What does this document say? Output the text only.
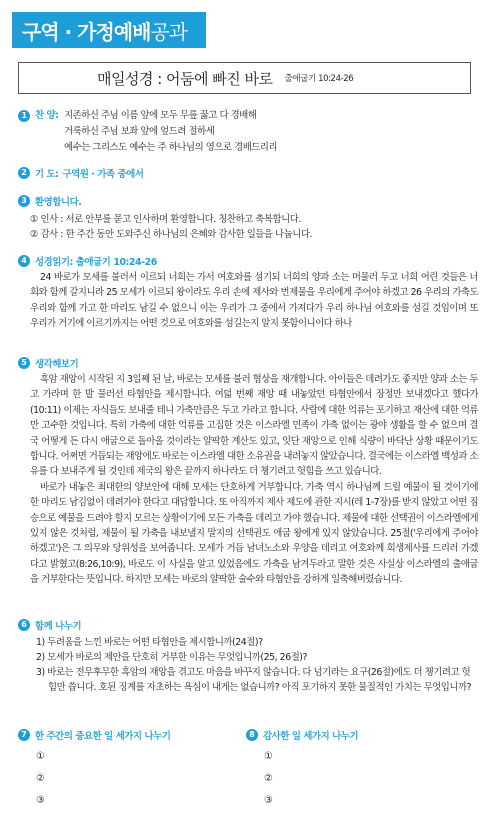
구역 · 가정예배 공과
매일성경 : 어둠에 빠진 바로 출애굽기 10:24-26
1 찬 양: 지존하신 주님 이름 앞에 모두 무릎 꿇고 다 경배해
거룩하신 주님 보좌 앞에 엎드려 절하세
예수는 그리스도 예수는 주 하나님의 영으로 경배드리리
2 기 도: 구역원 · 가족 중에서
3 환영합니다.
① 인사 : 서로 안부를 묻고 인사하며 환영합니다. 칭찬하고 축복합니다.
② 감사 : 한 주간 동안 도와주신 하나님의 은혜와 감사한 일들을 나눕니다.
4 성경읽기: 출애굽기 10:24-26

24 바로가 모세를 불러서 이르되 너희는 가서 여호와를 섬기되 너희의 양과 소는 머물러 두고 너희 어린 것들은 너희와 함께 갈지니라 25 모세가 이르되 왕이라도 우리 손에 제사와 번제물을 우리에게 주어야 하겠고 26 우리의 가축도 우리와 함께 가고 한 마리도 남길 수 없으니 이는 우리가 그 중에서 가져다가 우리 하나님 여호와를 섬길 것임이며 또 우리가 거기에 이르기까지는 어떤 것으로 여호와를 섬길는지 알지 못함이니이다 하나

5 생각해보기

흑암 재앙이 시작된 지 3일째 된 날, 바로는 모세를 불러 협상을 재개합니다. 아이들은 데려가도 좋지만 양과 소는 두고 가라며 한 발 물러선 타협안을 제시합니다. 여덟 번째 재앙 때 내놓았던 타협안에서 장정만 보내겠다고 했다가(10:11) 이제는 자식들도 보내줄 테니 가축만큼은 두고 가라고 합니다. 사람에 대한 억류는 포기하고 재산에 대한 억류만 고수한 것입니다. 특히 가축에 대한 억류를 고집한 것은 이스라엘 민족이 가축 없이는 광야 생활을 할 수 없으며 결국 어떻게 든 다시 애굽으로 돌아올 것이라는 얄팍한 계산도 있고, 잇단 재앙으로 인해 식량이 바닥난 상황 때문이기도 합니다. 어쩌면 거듭되는 재앙에도 바로는 이스라엘 대한 소유권을 내려놓지 않았습니다. 결국에는 이스라엘 백성과 소유를 다 보내주게 될 것인데 제국의 왕은 끝까지 하나라도 더 챙기려고 헛힘을 쓰고 있습니다.

바로가 내놓은 최대한의 양보안에 대해 모세는 단호하게 거부합니다. 가축 역시 하나님께 드릴 예물이 될 것이기에 한 마리도 남김없이 데려가야 한다고 대답합니다. 또 아직까지 제사 제도에 관한 지시(레 1-7장)를 받지 않았고 어떤 짐승으로 예물을 드려야 할지 모르는 상황이기에 모든 가축을 데리고 가야 했습니다. 제물에 대한 선택권이 이스라엘에게 있지 않은 것처럼, 제물이 될 가축을 내보낼지 말지의 선택권도 애굽 왕에게 있지 않았습니다. 25절('우리에게 주어야 하겠고')은 그 의무와 당위성을 보여줍니다. 모세가 거듭 남녀노소와 우양을 데리고 여호와께 희생제사를 드리러 가겠다고 밝혔고(8:26,10:9), 바로도 이 사실을 알고 있었음에도 가축을 남겨두라고 말한 것은 사실상 이스라엘의 출애굽을 거부한다는 뜻입니다. 하지만 모세는 바로의 얄팍한 술수와 타협안을 강하게 일축해버렸습니다.

6 함께 나누기
1) 두려움을 느낀 바로는 어떤 타협안을 제시합니까(24절)?
2) 모세가 바로의 제안을 단호히 거부한 이유는 무엇입니까(25, 26절)?
3) 바로는 전무후무한 흑암의 재앙을 겪고도 마음을 바꾸지 않습니다. 다 넘기라는 요구(26절)에도 더 챙기려고 헛힘만 씁니다. 호된 징계를 자초하는 욕심이 내게는 없습니까? 아직 포기하지 못한 물질적인 가치는 무엇입니까?
7 한 주간의 중요한 일 세가지 나누기
①
②
③
8 감사한 일 세가지 나누기
①
②
③
